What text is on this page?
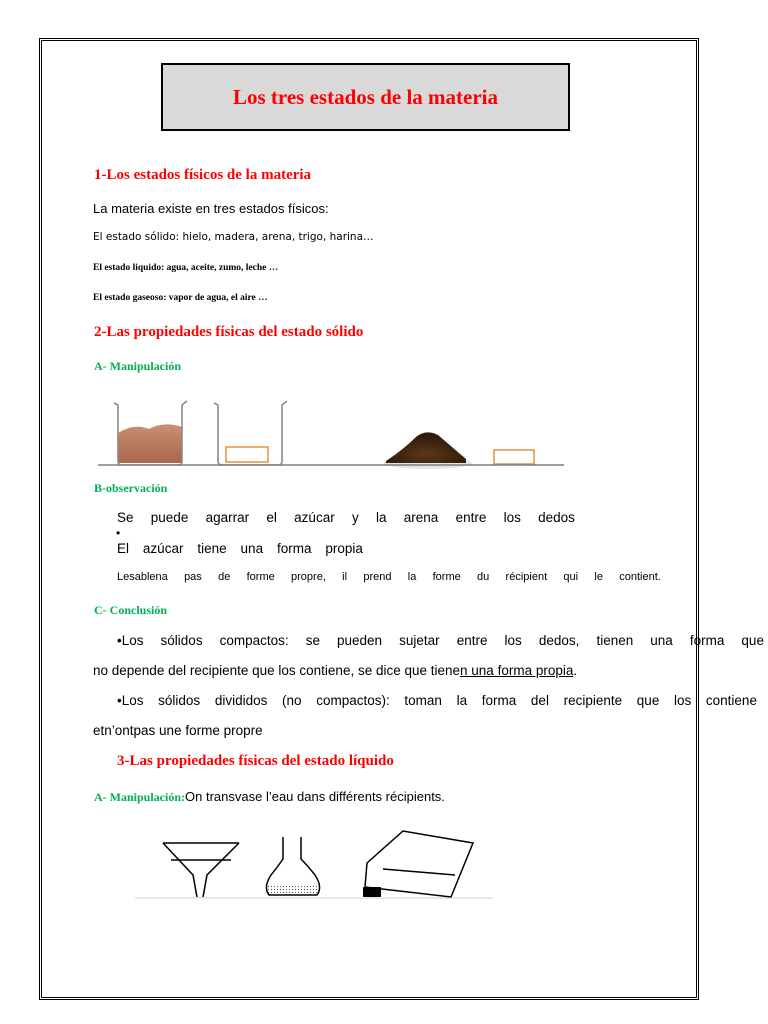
Los tres estados de la materia
1-Los estados físicos de la materia
La materia existe en tres estados físicos:
El estado sólido: hielo, madera, arena, trigo, harina…
El estado liquido: agua, aceite, zumo, leche …
El estado gaseoso: vapor de agua, el aire …
2-Las propiedades físicas del estado sólido
A- Manipulación
B-observación
Se puede agarrar el azúcar y la arena entre los dedos
•
El azúcar tiene una forma propia
Lesablena pas de forme propre, il prend la forme du récipient qui le contient.
C- Conclusión
•Los sólidos compactos: se pueden sujetar entre los dedos, tienen una forma que
no depende del recipiente que los contiene, se dice que tienen una forma propia.
•Los sólidos divididos (no compactos): toman la forma del recipiente que los contiene
etn’ontpas une forme propre
3-Las propiedades físicas del estado líquido
A- Manipulación:On transvase l’eau dans différents récipients.
